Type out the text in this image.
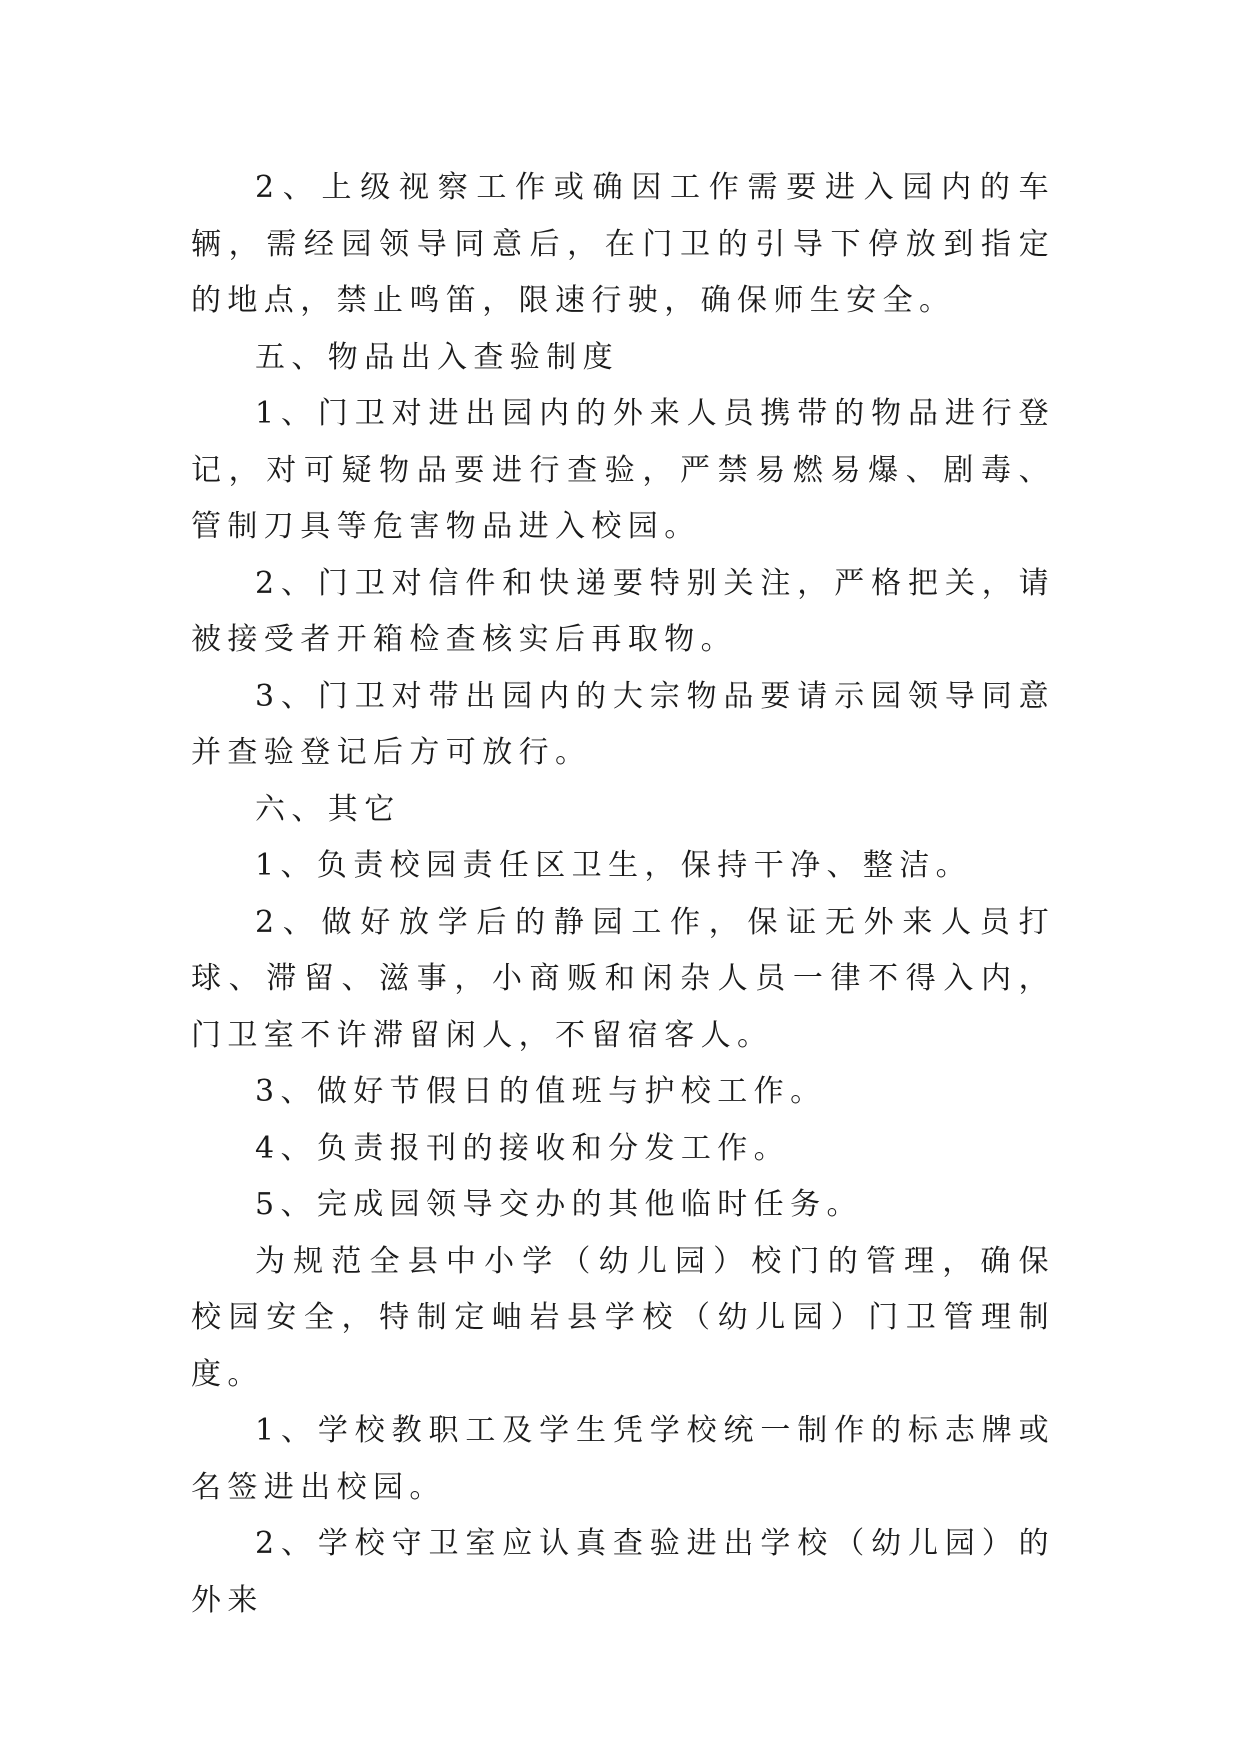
2、上级视察工作或确因工作需要进入园内的车辆，需经园领导同意后，在门卫的引导下停放到指定的地点，禁止鸣笛，限速行驶，确保师生安全。

五、物品出入查验制度

1、门卫对进出园内的外来人员携带的物品进行登记，对可疑物品要进行查验，严禁易燃易爆、剧毒、管制刀具等危害物品进入校园。

2、门卫对信件和快递要特别关注，严格把关，请被接受者开箱检查核实后再取物。

3、门卫对带出园内的大宗物品要请示园领导同意并查验登记后方可放行。

六、其它

1、负责校园责任区卫生，保持干净、整洁。

2、做好放学后的静园工作，保证无外来人员打球、滞留、滋事，小商贩和闲杂人员一律不得入内，门卫室不许滞留闲人，不留宿客人。

3、做好节假日的值班与护校工作。

4、负责报刊的接收和分发工作。

5、完成园领导交办的其他临时任务。

为规范全县中小学（幼儿园）校门的管理，确保校园安全，特制定岫岩县学校（幼儿园）门卫管理制度。

1、学校教职工及学生凭学校统一制作的标志牌或名签进出校园。

2、学校守卫室应认真查验进出学校（幼儿园）的外来
